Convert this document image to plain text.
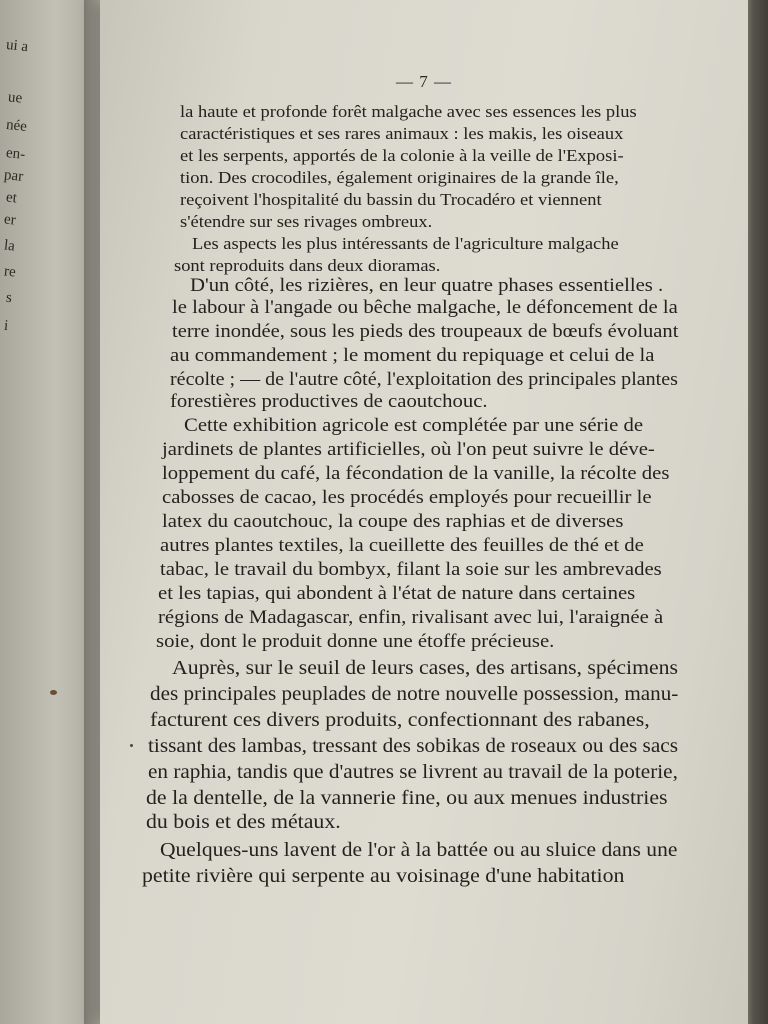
ui a
ue
née
en-
par
et
er
la
re
s
i
— 7 —
la haute et profonde forêt malgache avec ses essences les plus
caractéristiques et ses rares animaux : les makis, les oiseaux
et les serpents, apportés de la colonie à la veille de l'Exposi-
tion. Des crocodiles, également originaires de la grande île,
reçoivent l'hospitalité du bassin du Trocadéro et viennent
s'étendre sur ses rivages ombreux.
Les aspects les plus intéressants de l'agriculture malgache
sont reproduits dans deux dioramas.
D'un côté, les rizières, en leur quatre phases essentielles .
le labour à l'angade ou bêche malgache, le défoncement de la
terre inondée, sous les pieds des troupeaux de bœufs évoluant
au commandement ; le moment du repiquage et celui de la
récolte ; — de l'autre côté, l'exploitation des principales plantes
forestières productives de caoutchouc.
Cette exhibition agricole est complétée par une série de
jardinets de plantes artificielles, où l'on peut suivre le déve-
loppement du café, la fécondation de la vanille, la récolte des
cabosses de cacao, les procédés employés pour recueillir le
latex du caoutchouc, la coupe des raphias et de diverses
autres plantes textiles, la cueillette des feuilles de thé et de
tabac, le travail du bombyx, filant la soie sur les ambrevades
et les tapias, qui abondent à l'état de nature dans certaines
régions de Madagascar, enfin, rivalisant avec lui, l'araignée à
soie, dont le produit donne une étoffe précieuse.
Auprès, sur le seuil de leurs cases, des artisans, spécimens
des principales peuplades de notre nouvelle possession, manu-
facturent ces divers produits, confectionnant des rabanes,
tissant des lambas, tressant des sobikas de roseaux ou des sacs
en raphia, tandis que d'autres se livrent au travail de la poterie,
de la dentelle, de la vannerie fine, ou aux menues industries
du bois et des métaux.
Quelques-uns lavent de l'or à la battée ou au sluice dans une
petite rivière qui serpente au voisinage d'une habitation
